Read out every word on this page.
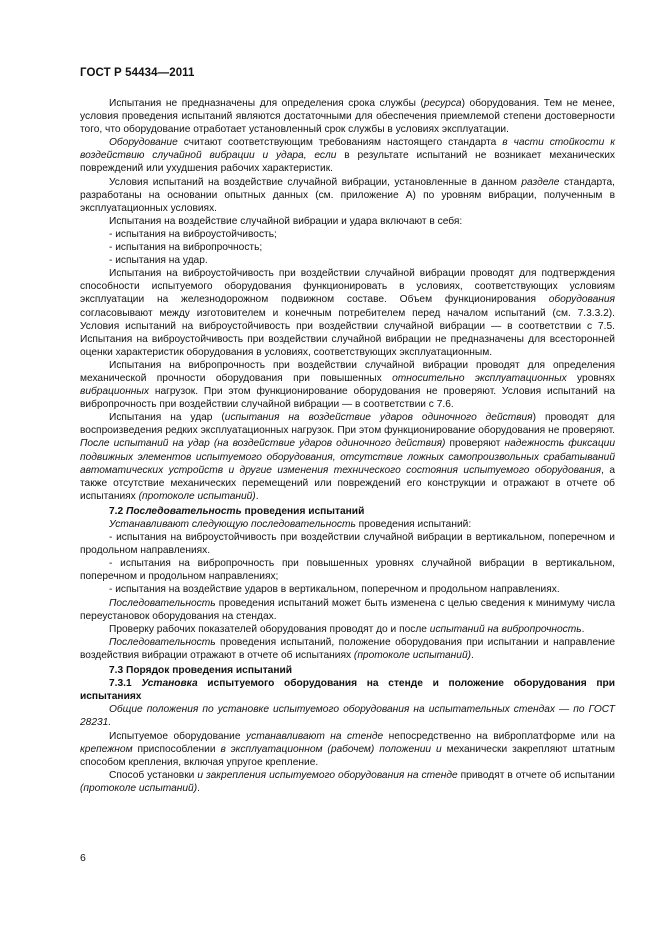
ГОСТ Р 54434—2011

Испытания не предназначены для определения срока службы (ресурса) оборудования. Тем не менее, условия проведения испытаний являются достаточными для обеспечения приемлемой степени достоверности того, что оборудование отработает установленный срок службы в условиях эксплуатации.

Оборудование считают соответствующим требованиям настоящего стандарта в части стойкости к воздействию случайной вибрации и удара, если в результате испытаний не возникает механических повреждений или ухудшения рабочих характеристик.

Условия испытаний на воздействие случайной вибрации, установленные в данном разделе стандарта, разработаны на основании опытных данных (см. приложение А) по уровням вибрации, полученным в эксплуатационных условиях.

Испытания на воздействие случайной вибрации и удара включают в себя:

- испытания на виброустойчивость;

- испытания на вибропрочность;

- испытания на удар.

Испытания на виброустойчивость при воздействии случайной вибрации проводят для подтверждения способности испытуемого оборудования функционировать в условиях, соответствующих условиям эксплуатации на железнодорожном подвижном составе. Объем функционирования оборудования согласовывают между изготовителем и конечным потребителем перед началом испытаний (см. 7.3.3.2). Условия испытаний на виброустойчивость при воздействии случайной вибрации — в соответствии с 7.5. Испытания на виброустойчивость при воздействии случайной вибрации не предназначены для всесторонней оценки характеристик оборудования в условиях, соответствующих эксплуатационным.

Испытания на вибропрочность при воздействии случайной вибрации проводят для определения механической прочности оборудования при повышенных относительно эксплуатационных уровнях вибрационных нагрузок. При этом функционирование оборудования не проверяют. Условия испытаний на вибропрочность при воздействии случайной вибрации — в соответствии с 7.6.

Испытания на удар (испытания на воздействие ударов одиночного действия) проводят для воспроизведения редких эксплуатационных нагрузок. При этом функционирование оборудования не проверяют. После испытаний на удар (на воздействие ударов одиночного действия) проверяют надежность фиксации подвижных элементов испытуемого оборудования, отсутствие ложных самопроизвольных срабатываний автоматических устройств и другие изменения технического состояния испытуемого оборудования, а также отсутствие механических перемещений или повреждений его конструкции и отражают в отчете об испытаниях (протоколе испытаний).

7.2 Последовательность проведения испытаний

Устанавливают следующую последовательность проведения испытаний:

- испытания на виброустойчивость при воздействии случайной вибрации в вертикальном, поперечном и продольном направлениях.

- испытания на вибропрочность при повышенных уровнях случайной вибрации в вертикальном, поперечном и продольном направлениях;

- испытания на воздействие ударов в вертикальном, поперечном и продольном направлениях.

Последовательность проведения испытаний может быть изменена с целью сведения к минимуму числа переустановок оборудования на стендах.

Проверку рабочих показателей оборудования проводят до и после испытаний на вибропрочность.

Последовательность проведения испытаний, положение оборудования при испытании и направление воздействия вибрации отражают в отчете об испытаниях (протоколе испытаний).

7.3 Порядок проведения испытаний

7.3.1 Установка испытуемого оборудования на стенде и положение оборудования при испытаниях

Общие положения по установке испытуемого оборудования на испытательных стендах — по ГОСТ 28231.

Испытуемое оборудование устанавливают на стенде непосредственно на виброплатформе или на крепежном приспособлении в эксплуатационном (рабочем) положении и механически закрепляют штатным способом крепления, включая упругое крепление.

Способ установки и закрепления испытуемого оборудования на стенде приводят в отчете об испытании (протоколе испытаний).

6
